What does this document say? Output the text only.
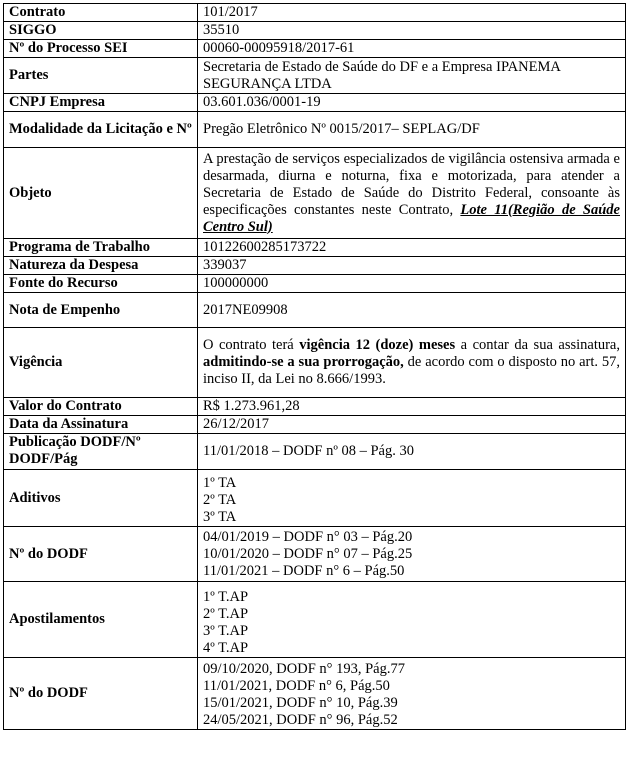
Contrato	101/2017
SIGGO	35510
Nº do Processo SEI	00060-00095918/2017-61
Partes	Secretaria de Estado de Saúde do DF e a Empresa IPANEMA SEGURANÇA LTDA
CNPJ Empresa	03.601.036/0001-19
Modalidade da Licitação e Nº	Pregão Eletrônico Nº 0015/2017– SEPLAG/DF
Objeto	A prestação de serviços especializados de vigilância ostensiva armada e desarmada, diurna e noturna, fixa e motorizada, para atender a Secretaria de Estado de Saúde do Distrito Federal, consoante às especificações constantes neste Contrato, Lote 11(Região de Saúde Centro Sul)
Programa de Trabalho	10122600285173722
Natureza da Despesa	339037
Fonte do Recurso	100000000
Nota de Empenho	2017NE09908
Vigência	O contrato terá vigência 12 (doze) meses a contar da sua assinatura, admitindo-se a sua prorrogação, de acordo com o disposto no art. 57, inciso II, da Lei no 8.666/1993.
Valor do Contrato	R$ 1.273.961,28
Data da Assinatura	26/12/2017
Publicação DODF/Nº DODF/Pág	11/01/2018 – DODF nº 08 – Pág. 30
Aditivos	1º TA
2º TA
3º TA

Nº do DODF	04/01/2019 – DODF n° 03 – Pág.20
10/01/2020 – DODF n° 07 – Pág.25
11/01/2021 – DODF n° 6 – Pág.50

Apostilamentos	1º T.AP
2º T.AP
3º T.AP
4º T.AP

Nº do DODF	09/10/2020, DODF n° 193, Pág.77
11/01/2021, DODF n° 6, Pág.50
15/01/2021, DODF n° 10, Pág.39
24/05/2021, DODF n° 96, Pág.52
